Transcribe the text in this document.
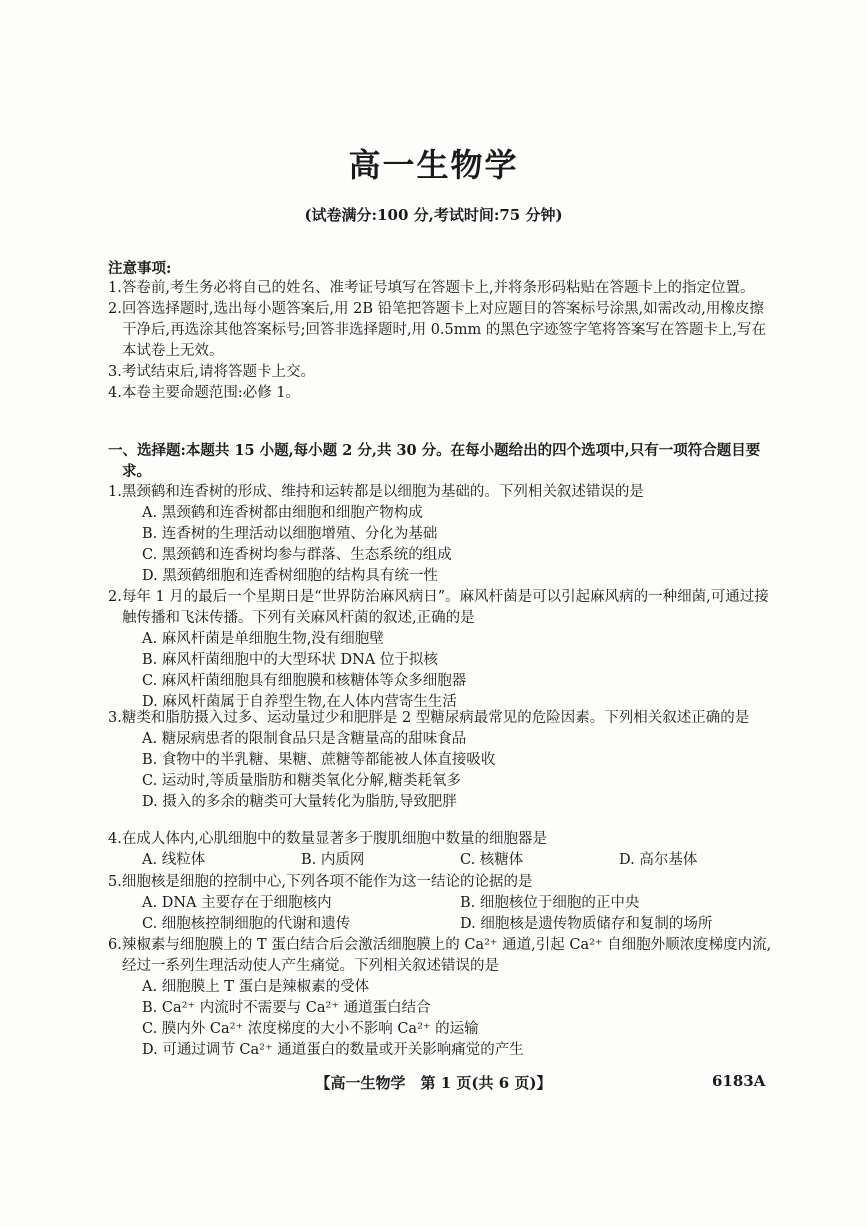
高一生物学
(试卷满分:100 分,考试时间:75 分钟)
注意事项:

1.答卷前,考生务必将自己的姓名、准考证号填写在答题卡上,并将条形码粘贴在答题卡上的指定位置。

2.回答选择题时,选出每小题答案后,用 2B 铅笔把答题卡上对应题目的答案标号涂黑,如需改动,用橡皮擦干净后,再选涂其他答案标号;回答非选择题时,用 0.5mm 的黑色字迹签字笔将答案写在答题卡上,写在本试卷上无效。

3.考试结束后,请将答题卡上交。

4.本卷主要命题范围:必修 1。

一、选择题:本题共 15 小题,每小题 2 分,共 30 分。在每小题给出的四个选项中,只有一项符合题目要求。

1.黑颈鹤和连香树的形成、维持和运转都是以细胞为基础的。下列相关叙述错误的是
A. 黑颈鹤和连香树都由细胞和细胞产物构成
B. 连香树的生理活动以细胞增殖、分化为基础
C. 黑颈鹤和连香树均参与群落、生态系统的组成
D. 黑颈鹤细胞和连香树细胞的结构具有统一性
2.每年 1 月的最后一个星期日是“世界防治麻风病日”。麻风杆菌是可以引起麻风病的一种细菌,可通过接触传播和飞沫传播。下列有关麻风杆菌的叙述,正确的是
A. 麻风杆菌是单细胞生物,没有细胞壁
B. 麻风杆菌细胞中的大型环状 DNA 位于拟核
C. 麻风杆菌细胞具有细胞膜和核糖体等众多细胞器
D. 麻风杆菌属于自养型生物,在人体内营寄生生活
3.糖类和脂肪摄入过多、运动量过少和肥胖是 2 型糖尿病最常见的危险因素。下列相关叙述正确的是
A. 糖尿病患者的限制食品只是含糖量高的甜味食品
B. 食物中的半乳糖、果糖、蔗糖等都能被人体直接吸收
C. 运动时,等质量脂肪和糖类氧化分解,糖类耗氧多
D. 摄入的多余的糖类可大量转化为脂肪,导致肥胖
4.在成人体内,心肌细胞中的数量显著多于腹肌细胞中数量的细胞器是
A. 线粒体	B. 内质网	C. 核糖体	D. 高尔基体
5.细胞核是细胞的控制中心,下列各项不能作为这一结论的论据的是
A. DNA 主要存在于细胞核内	B. 细胞核位于细胞的正中央
C. 细胞核控制细胞的代谢和遗传	D. 细胞核是遗传物质储存和复制的场所
6.辣椒素与细胞膜上的 T 蛋白结合后会激活细胞膜上的 Ca²⁺ 通道,引起 Ca²⁺ 自细胞外顺浓度梯度内流,经过一系列生理活动使人产生痛觉。下列相关叙述错误的是
A. 细胞膜上 T 蛋白是辣椒素的受体
B. Ca²⁺ 内流时不需要与 Ca²⁺ 通道蛋白结合
C. 膜内外 Ca²⁺ 浓度梯度的大小不影响 Ca²⁺ 的运输
D. 可通过调节 Ca²⁺ 通道蛋白的数量或开关影响痛觉的产生
【高一生物学　第 1 页(共 6 页)】	6183A
